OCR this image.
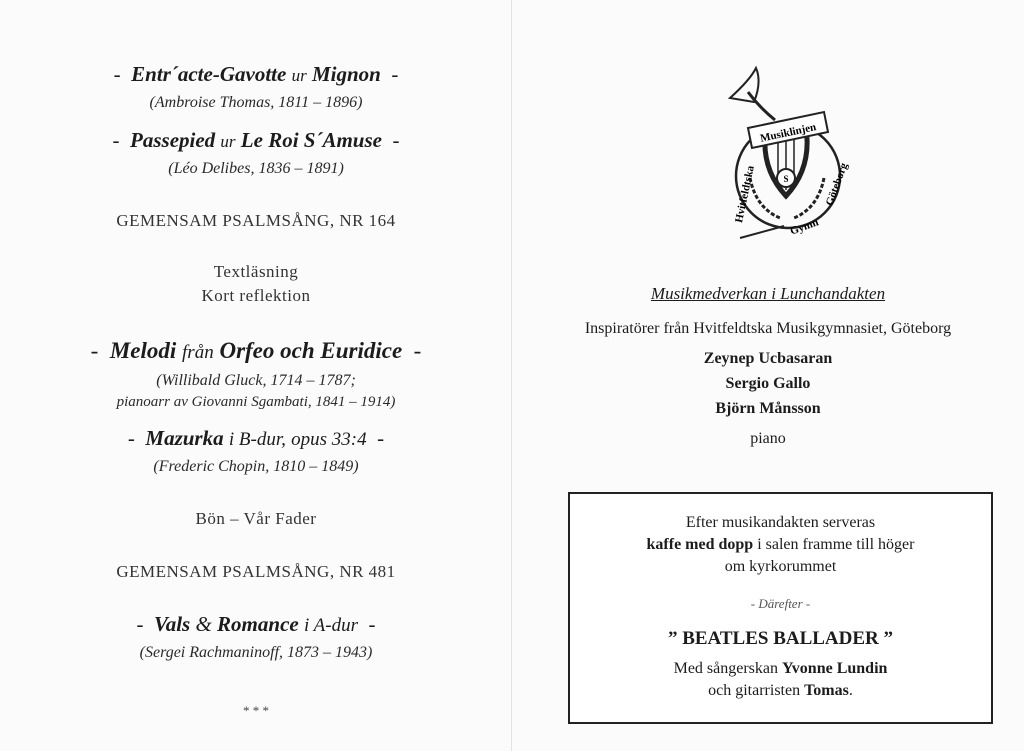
- Entr´acte-Gavotte ur Mignon -
(Ambroise Thomas, 1811 – 1896)
- Passepied ur Le Roi S´Amuse -
(Léo Delibes, 1836 – 1891)
GEMENSAM PSALMSÅNG, NR 164
Textläsning
Kort reflektion
- Melodi från Orfeo och Euridice -
(Willibald Gluck, 1714 – 1787;
pianoarr av Giovanni Sgambati, 1841 – 1914)
- Mazurka i B-dur, opus 33:4 -
(Frederic Chopin, 1810 – 1849)
Bön – Vår Fader
GEMENSAM PSALMSÅNG, NR 481
- Vals & Romance i A-dur -
(Sergei Rachmaninoff, 1873 – 1943)
* * *
S
Musiklinjen
Hvitfeldtska
Gymn
Göteborg
Musikmedverkan i Lunchandakten
Inspiratörer från Hvitfeldtska Musikgymnasiet, Göteborg
Zeynep Ucbasaran
Sergio Gallo
Björn Månsson
piano
Efter musikandakten serveras
kaffe med dopp i salen framme till höger
om kyrkorummet
- Därefter -
” BEATLES BALLADER ”
Med sångerskan Yvonne Lundin
och gitarristen Tomas.
